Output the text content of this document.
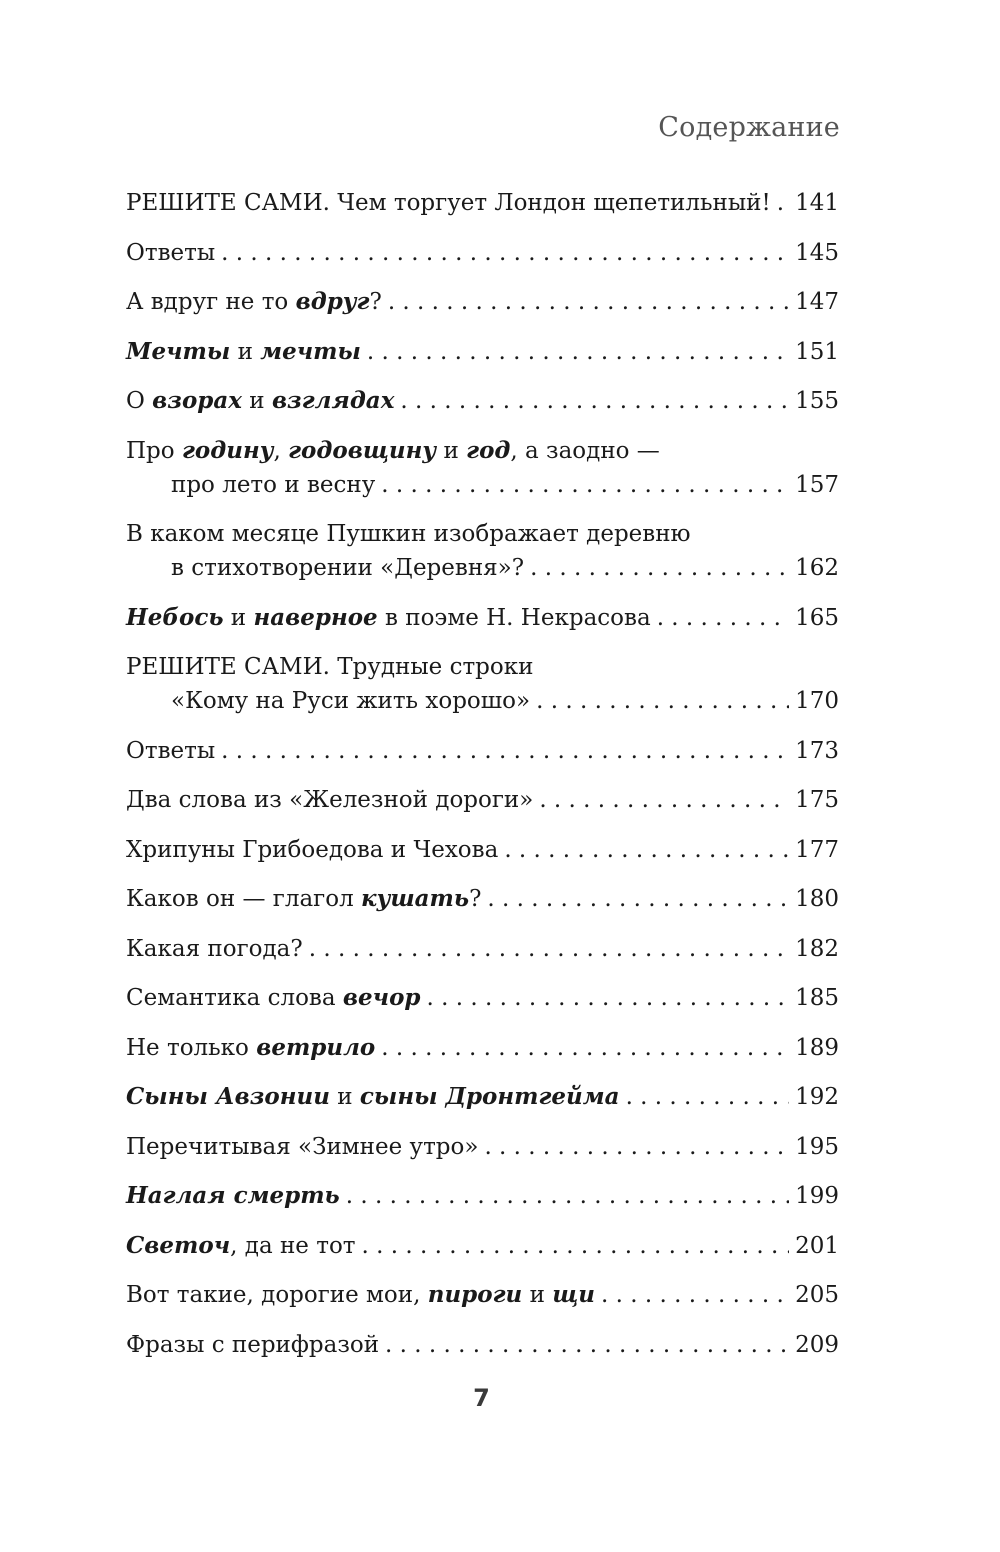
Содержание
РЕШИТЕ САМИ. Чем торгует Лондон щепетильный! . . . 141
Ответы . . .	145
А вдруг не то вдруг? . . .	147
Мечты и мечты . . .	151
О взорах и взглядах . . .	155
Про годину, годовщину и год, а заодно —
про лето и весну . . .	157
В каком месяце Пушкин изображает деревню
в стихотворении «Деревня»? . . .	162
Небось и наверное в поэме Н. Некрасова . . .	165
РЕШИТЕ САМИ. Трудные строки
«Кому на Руси жить хорошо» . . .	170
Ответы . . .	173
Два слова из «Железной дороги» . . .	175
Хрипуны Грибоедова и Чехова . . .	177
Каков он — глагол кушать? . . .	180
Какая погода? . . .	182
Семантика слова вечор . . .	185
Не только ветрило . . .	189
Сыны Авзонии и сыны Дронтгейма . . .	192
Перечитывая «Зимнее утро» . . .	195
Наглая смерть . . .	199
Светоч, да не тот . . .	201
Вот такие, дорогие мои, пироги и щи . . .	205
Фразы с перифразой . . .	209
7
